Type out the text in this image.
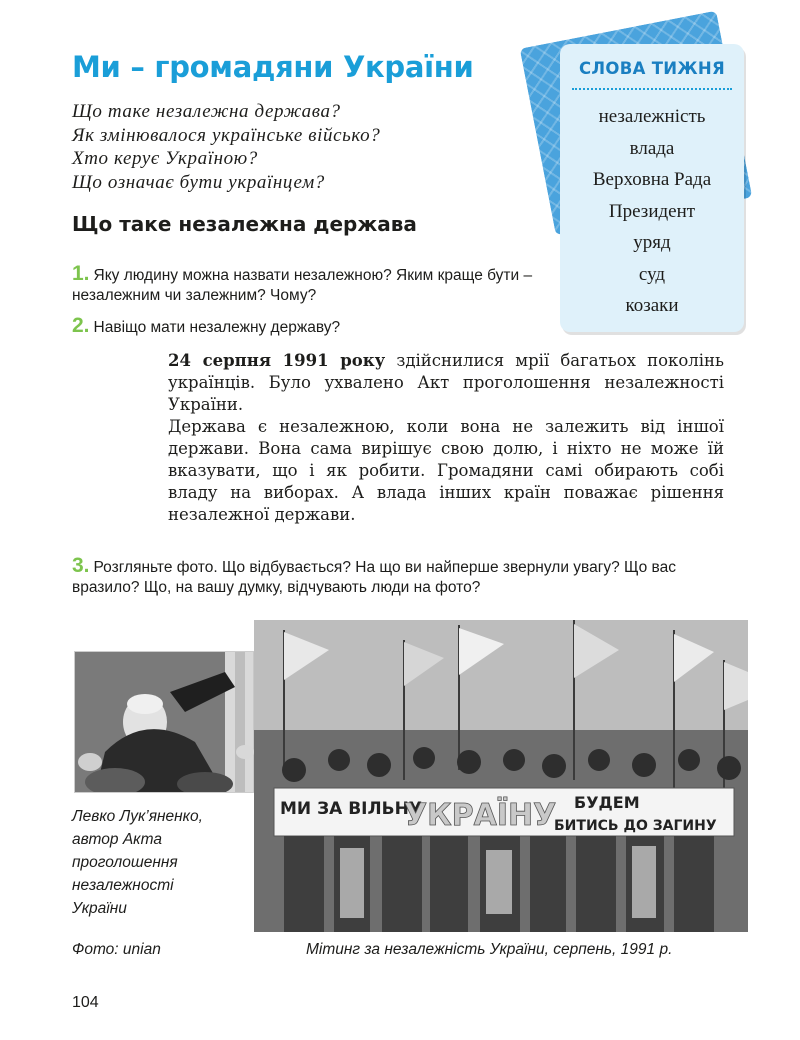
Ми – громадяни України
Що таке незалежна держава?
Як змінювалося українське військо?
Хто керує Україною?
Що означає бути українцем?
Що таке незалежна держава
СЛОВА ТИЖНЯ
незалежність
влада
Верховна Рада
Президент
уряд
суд
козаки
1. Яку людину можна назвати незалежною? Яким краще бути – незалежним чи залежним? Чому?
2. Навіщо мати незалежну державу?

24 серпня 1991 року здійснилися мрії багатьох поколінь українців. Було ухвалено Акт проголошення незалежності України.

Держава є незалежною, коли вона не залежить від іншої держави. Вона сама вирішує свою долю, і ніхто не може їй вказувати, що і як робити. Громадяни самі обирають собі владу на виборах. А влада інших країн поважає рішення незалежної держави.

3. Розгляньте фото. Що відбувається? На що ви найперше звернули увагу? Що вас вразило? Що, на вашу думку, відчувають люди на фото?
Левко Лук’яненко,
автор Акта
проголошення
незалежності
України
МИ ЗА ВІЛЬНУ
УКРАЇНУ БУДЕМ
БИТИСЬ ДО ЗАГИНУ
Фото: unian	Мітинг за незалежність України, серпень, 1991 р.
104
